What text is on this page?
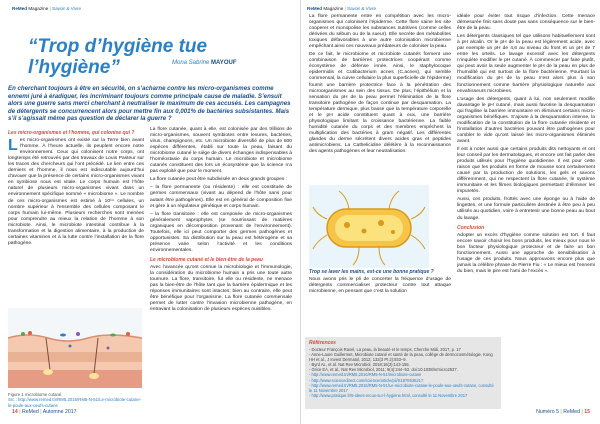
ReMed Magazine | Savoir & Vivre
“Trop d’hygiène tue l’hygiène”	Mona Sabrine MAYOUF
En cherchant toujours à être en sécurité, on s’acharne contre les micro-organismes comme ennemi juré à éradiquer, les incriminant toujours comme principale cause de maladie. S’ensuit alors une guerre sans merci cherchant à neutraliser le maximum de ces accusés. Les campagnes de détergents se concurrencent alors pour mettre fin aux 0,001% de bactéries subsistantes. Mais s’il s’agissait même pas question de déclarer la guerre ?
Les micro-organismes et l’homme, qui colonise qui ?

Les micro-organismes ont existé sur la Terre bien avant l’homme. À l’heure actuelle, ils peuplent encore notre environnement. Ceux qui colonisent notre corps, ont longtemps été retrouvés par des travaux de Louis Pasteur sur les traces des chercheurs qui l’ont précédé. Le lien entre ces derniers et l’homme, il nous est indiscutable aujourd’hui d’avouer que la présence de certains micro-organismes vivant en symbiose nous est vitale. Le corps humain est l’hôte naturel de plusieurs micro-organismes vivant dans un environnement spécifique nommé « microbiome ». Le nombre de ces micro-organismes est estimé à 10¹⁴ cellules, un nombre supérieur à l’ensemble des cellules composant le corps humain lui-même. Plusieurs recherches sont menées pour comprendre au mieux la relation de l’homme à son microbiote. Ainsi, le microbiote intestinal contribue à la transformation et la digestion alimentaire, à la production de certaines vitamines et à la lutte contre l’installation de la flore pathogène.

Figure 1 microbiome cutané.
Src : http://www.remed.tn/RM5,2016/RM5-N-51/Le-microbiote-cutane-le-poule-aux-oeufs-cutane

La flore cutanée, quant à elle, est colonisée par des trillions de micro-organismes, souvent symbiotes entre levures, bactéries, virus, champignons, etc. Un microbiote diversifié de plus de 500 espèces différentes, établi sur toute la peau, faisant du microbiome cutané le siège de divers échanges indispensables à l’homéostasie du corps humain. Le microbiote et microbiome cutanés constituent des lors un écosystème que la science n’a pas exploité que pour le moment.

La flore cutanée peut être subdivisée en deux grands groupes :

– la flore permanente (ou résidente) : elle est constituée de germes commensaux (vivant au dépend de l’hôte sans pour autant être pathogènes). Elle est en général de composition fixe et gère à un régulateur génétique et corps humain.

– la flore transitoire : elle est composée de micro-organismes généralement saprophytes (se nourrissant de matières organiques en décomposition provenant de l’environnement). Toutefois, elle ici peut comporter des germes pathogènes et opportunistes. Sa distribution sur la peau est hétérogène et sa présence varie selon l’activité et les conditions environnementales.

Le microbiome cutané et le bien-être de la peau

Avec l’avancée qu’ont connue la microbiologie et l’immunologie, la considération du microbiome humain a pris une toute autre tournure. La flore, transitoire, fut elle ou résidente, ne menace pas la bien-être de l’hôte tant que la barrière épidermique et les réponses immunitaires sont intactes; bien au contraire, elle peut être bénéfique pour l’organisme. La flore cutanée commensale permet de lutter contre l’invasion microbienne pathogène, en entravant la colonisation de plusieurs espèces nuisibles.

14 | ReMed | Automne 2017
ReMed Magazine | Savoir & Vivre

La flore permanente entre en compétition avec les micro-organismes qui colonisent l’épiderme. Cette flore saine les site cooperer et monopolise les substances nutritives (comme celles dérivées du sébum ou de la sueur). Elle secrète des métabolites toxiques défavorables à une autre colonisation microbienne empêchant ainsi ces nouveaux prédateurs de coloniser la peau.

De ce fait, le microbiome et microbiote cutanés forment une combinaison de barrières protectrices coopérant comme écosystème de défense innée. Ainsi, le staphylocoque epidermidis et Cutibacterium acnes (C.acnes), qui semble commensal, la cuivre cellulaire la plus superficielle de l’épiderme) fournit une barrière protectrice face à la pénétration des microorganismes au sein des tissus. De plus, l’épithélium et la sensation du pH de la peau permet l’élimination de la flore transitoire pathogène de façon continue par desquamation. La température dermique, plus basse que la température corporelle et le pH acide constituent quant à eux, une barrière physiologique limitant la croissance bactérienne. La faible humidité cutanée du corps et des membres empêchent la multiplication des bactéries à gram négatif. Les différentes glandes du derme sécrétent divers acides gras et peptides antimicrobiens. La Cathelicidine délétère à la reconnaissance des agents pathogènes et leur neutralisation.

Trop se laver les mains, est-ce une bonne pratique ?

Nous avons pris le pli de concerter la fréquence d’usage de détergents commercialiser protecteur contre tout attaque microbienne, en pensant que c’est la solution

idéale pour éviter tout risque d’infection. Cette menace démesurée finit sans doute pas sans conséquence sur le bien-être de la peau.

Les détergents classiques tel que utilisons habituellement sont à pH alcalin. Or le pH de la peau est légèrement acide, avec par exemple un pH de 4,6 au niveau du front et un pH de 7 entre les orteils. Le lavage excessif avec les détergents n’inquiète modifier le pH cutané. À commencer par faire plutôt, qui peut avoir la seule augmenter le pH de la peau en plus de l’humidité qui est surtout de la flore bactérienne. Pourtant la modification du pH de la peau n’est alors plus à son fonctionnement comme barrière physiologique naturelle aux envahisseurs microbiens.

L’usage des détergents, quant à lui, non seulement modifie davantage le pH cutané, mais aussi favorise la desquamation qui fragilise la barrière immunitaire en éliminant certains micro-organismes bénéfiques. S’ajoute à la desquamation intense, la modification de la constitution de la flore cutanée résidente et l’installation d’autres bactéries pouvant être pathogènes pour combler le vide qu’ont laissé les micro-organismes éliminés avant.

Il est à noter aussi que certains produits dits nettoyants et ont leur conseil par les dermatologues, et encore ont fait parler des produits utilisés pour l’hygiène quotidienne. Il est pour cette raison que les produits en forme de mousse sont certainement causé par la production de solutions, les gels et savons différemment, qui ne respectent la flore cutanée, le système immunitaire et les filmes biologiques permettant d’éliminer les impuretés.

Aussi, ces produits, frottés avec une éponge ou à l’aide de lingettes, et une formule particulière destinée à être peu à peu utilisés au quotidien, voire à entretenir une bonne peau au bout du lavage.

Conclusion

Adopter un excès d’hygiène comme solution est tort. Il faut encore savoir choisir les bons produits, les mieux pour nous le bon facteur physiologique protecteur et de faire un bon fonctionnement. Aussi une approche de sensibilisation à l’usage de ces produits. Nous approuvons encore plus que jamais la célèbre phrase de Pierre Fiu : « Le mieux est l’ennemi du bien, mais le pire est l’ami de l’excès ».

Références
- Docteur François Ravel, La peau, la beauté et le temps, Cherche Midi, 2017, p. 17
- Anne-Laure Guillermet, Microbiote cutané et santé de la peau, collège de dermocosmétologie. Kong HH et al., J Invest Dermatol, 2012; 132(3 Pt 2):933–9.
- Byrd AL, et al. Nat Rev Microbiol, 2018;16(3):143-155.
- Grice EA, et al., Nat Rev Microbiol, 2011; 9(4):244–53. doi:10.1038/nrmicro2537.
- http://www.remed.tn/RM5,2016/RM5-N-51/microbiote-cutane
- http://www.sciencedirect.com/science/article/pii/S1878535217
- http://www.remed.tn/RM5,2016/RM5-N-51/Le-microbiote-cutane-le-poule-aux-oeufs-cutane, consulté le 11 Novembre 2017
- http://www.pratique.fr/5-idees-recus-sur-l-hygiene.html, consulté le 11 Novembre 2017
Numéro 5 | ReMed | 15
